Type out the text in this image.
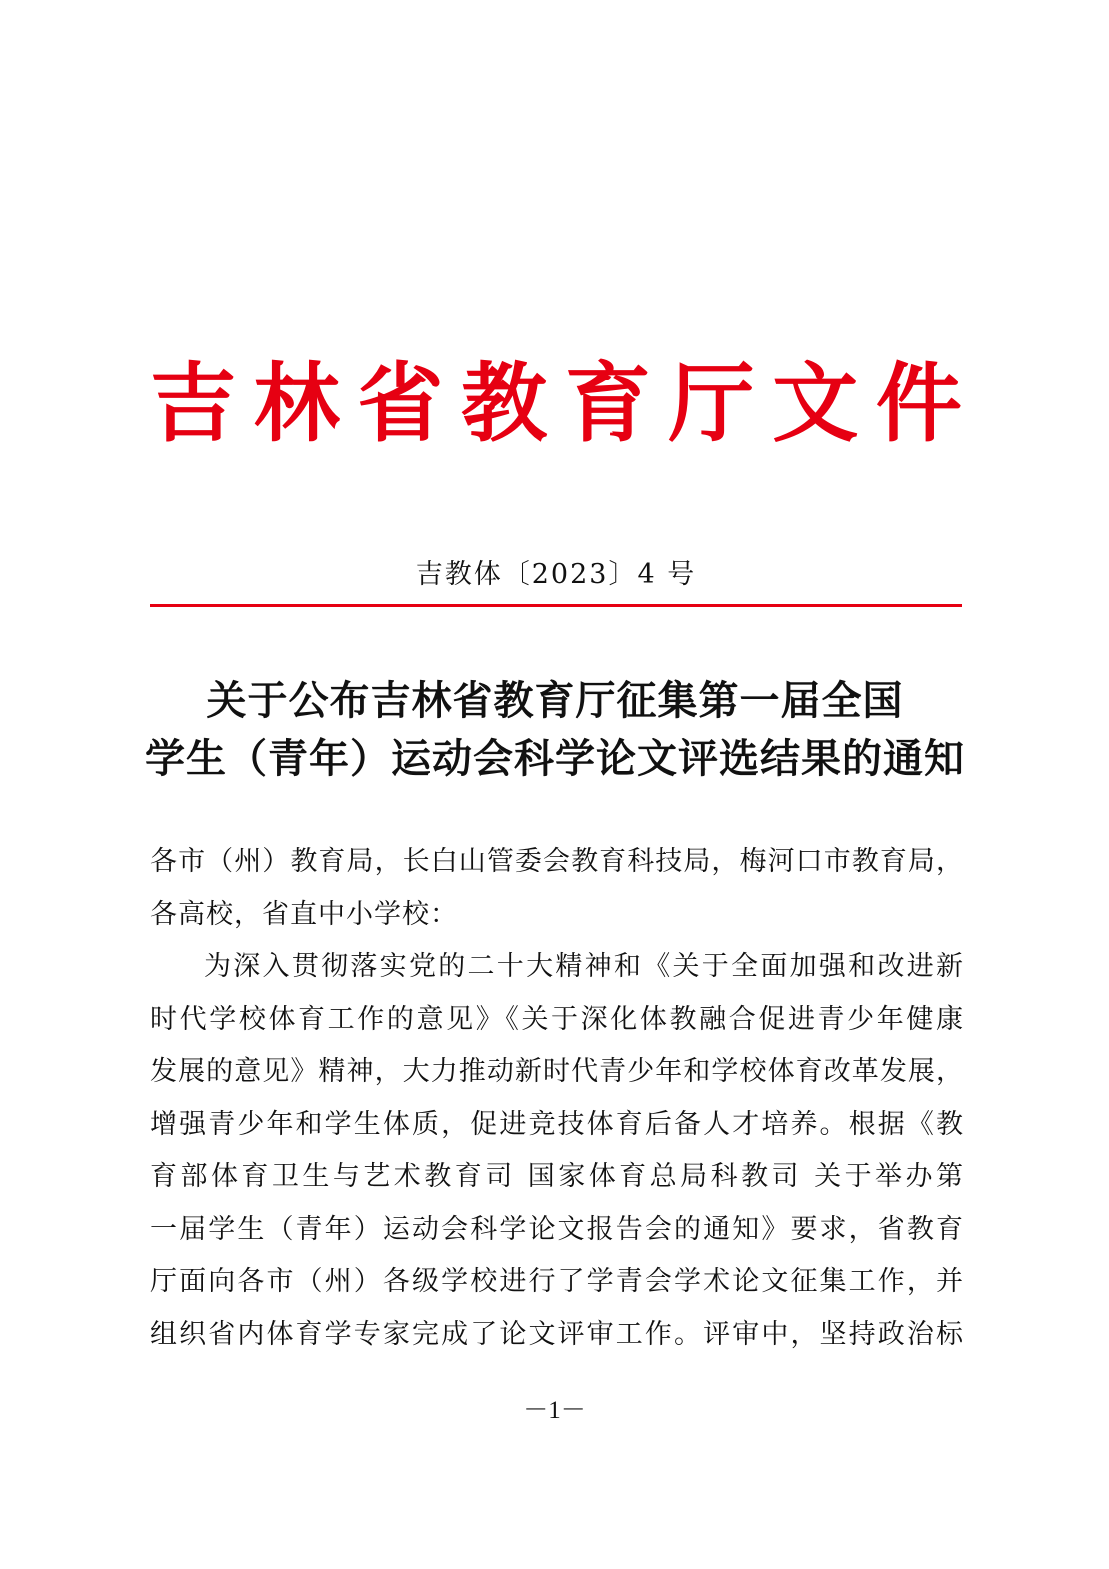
吉 林 省 教 育 厅 文 件
吉教体〔2023〕4 号
关于公布吉林省教育厅征集第一届全国
学生（青年）运动会科学论文评选结果的通知
各市（州）教育局，长白山管委会教育科技局，梅河口市教育局，
各高校，省直中小学校：
为深入贯彻落实党的二十大精神和《关于全面加强和改进新
时代学校体育工作的意见》《关于深化体教融合促进青少年健康
发展的意见》精神，大力推动新时代青少年和学校体育改革发展，
增强青少年和学生体质，促进竞技体育后备人才培养。根据《教
育部体育卫生与艺术教育司 国家体育总局科教司 关于举办第
一届学生（青年）运动会科学论文报告会的通知》要求，省教育
厅面向各市（州）各级学校进行了学青会学术论文征集工作，并
组织省内体育学专家完成了论文评审工作。评审中，坚持政治标
－1－
